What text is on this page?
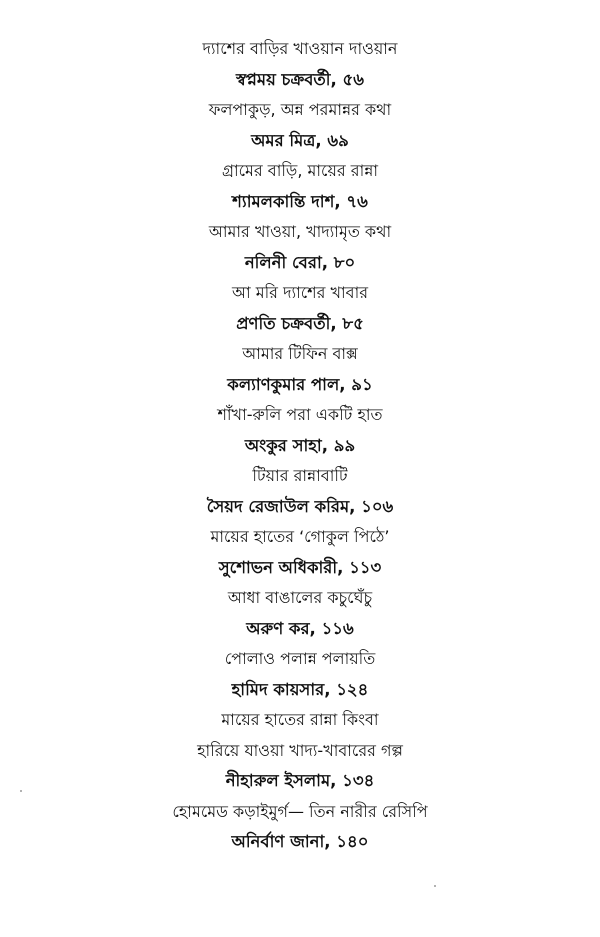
দ্যাশের বাড়ির খাওয়ান দাওয়ান
স্বপ্নময় চক্রবর্তী, ৫৬
ফলপাকুড়, অন্ন পরমান্নর কথা
অমর মিত্র, ৬৯
গ্রামের বাড়ি, মায়ের রান্না
শ্যামলকান্তি দাশ, ৭৬
আমার খাওয়া, খাদ্যামৃত কথা
নলিনী বেরা, ৮০
আ মরি দ্যাশের খাবার
প্রণতি চক্রবর্তী, ৮৫
আমার টিফিন বাক্স
কল্যাণকুমার পাল, ৯১
শাঁখা-রুলি পরা একটি হাত
অংকুর সাহা, ৯৯
টিয়ার রান্নাবাটি
সৈয়দ রেজাউল করিম, ১০৬
মায়ের হাতের ‘গোকুল পিঠে’
সুশোভন অধিকারী, ১১৩
আধা বাঙালের কচুঘেঁচু
অরুণ কর, ১১৬
পোলাও পলান্ন পলায়তি
হামিদ কায়সার, ১২৪
মায়ের হাতের রান্না কিংবা
হারিয়ে যাওয়া খাদ্য-খাবারের গল্প
নীহারুল ইসলাম, ১৩৪
হোমমেড কড়াইমুর্গ— তিন নারীর রেসিপি
অনির্বাণ জানা, ১৪০
